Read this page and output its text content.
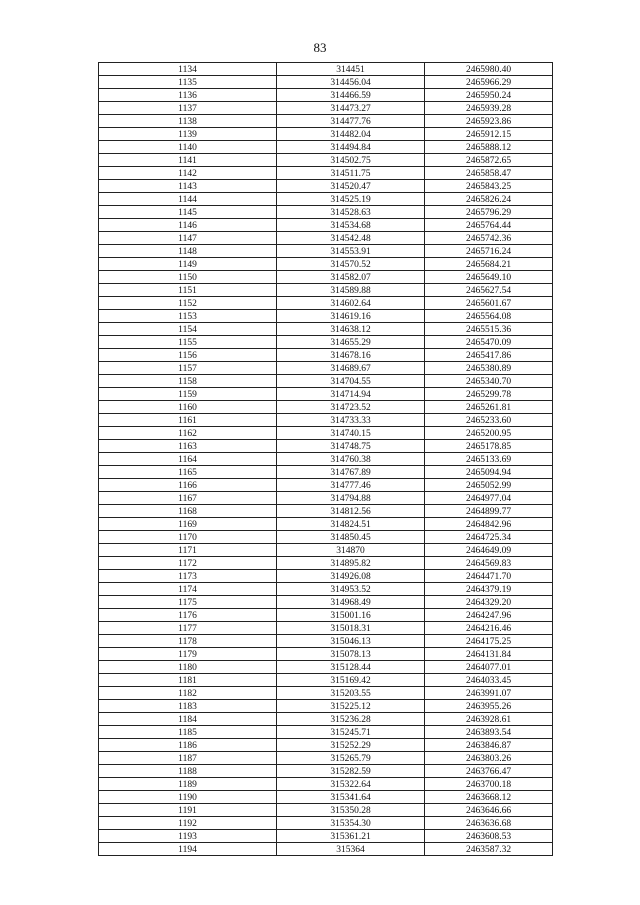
83
1134	314451	2465980.40
1135	314456.04	2465966.29
1136	314466.59	2465950.24
1137	314473.27	2465939.28
1138	314477.76	2465923.86
1139	314482.04	2465912.15
1140	314494.84	2465888.12
1141	314502.75	2465872.65
1142	314511.75	2465858.47
1143	314520.47	2465843.25
1144	314525.19	2465826.24
1145	314528.63	2465796.29
1146	314534.68	2465764.44
1147	314542.48	2465742.36
1148	314553.91	2465716.24
1149	314570.52	2465684.21
1150	314582.07	2465649.10
1151	314589.88	2465627.54
1152	314602.64	2465601.67
1153	314619.16	2465564.08
1154	314638.12	2465515.36
1155	314655.29	2465470.09
1156	314678.16	2465417.86
1157	314689.67	2465380.89
1158	314704.55	2465340.70
1159	314714.94	2465299.78
1160	314723.52	2465261.81
1161	314733.33	2465233.60
1162	314740.15	2465200.95
1163	314748.75	2465178.85
1164	314760.38	2465133.69
1165	314767.89	2465094.94
1166	314777.46	2465052.99
1167	314794.88	2464977.04
1168	314812.56	2464899.77
1169	314824.51	2464842.96
1170	314850.45	2464725.34
1171	314870	2464649.09
1172	314895.82	2464569.83
1173	314926.08	2464471.70
1174	314953.52	2464379.19
1175	314968.49	2464329.20
1176	315001.16	2464247.96
1177	315018.31	2464216.46
1178	315046.13	2464175.25
1179	315078.13	2464131.84
1180	315128.44	2464077.01
1181	315169.42	2464033.45
1182	315203.55	2463991.07
1183	315225.12	2463955.26
1184	315236.28	2463928.61
1185	315245.71	2463893.54
1186	315252.29	2463846.87
1187	315265.79	2463803.26
1188	315282.59	2463766.47
1189	315322.64	2463700.18
1190	315341.64	2463668.12
1191	315350.28	2463646.66
1192	315354.30	2463636.68
1193	315361.21	2463608.53
1194	315364	2463587.32
